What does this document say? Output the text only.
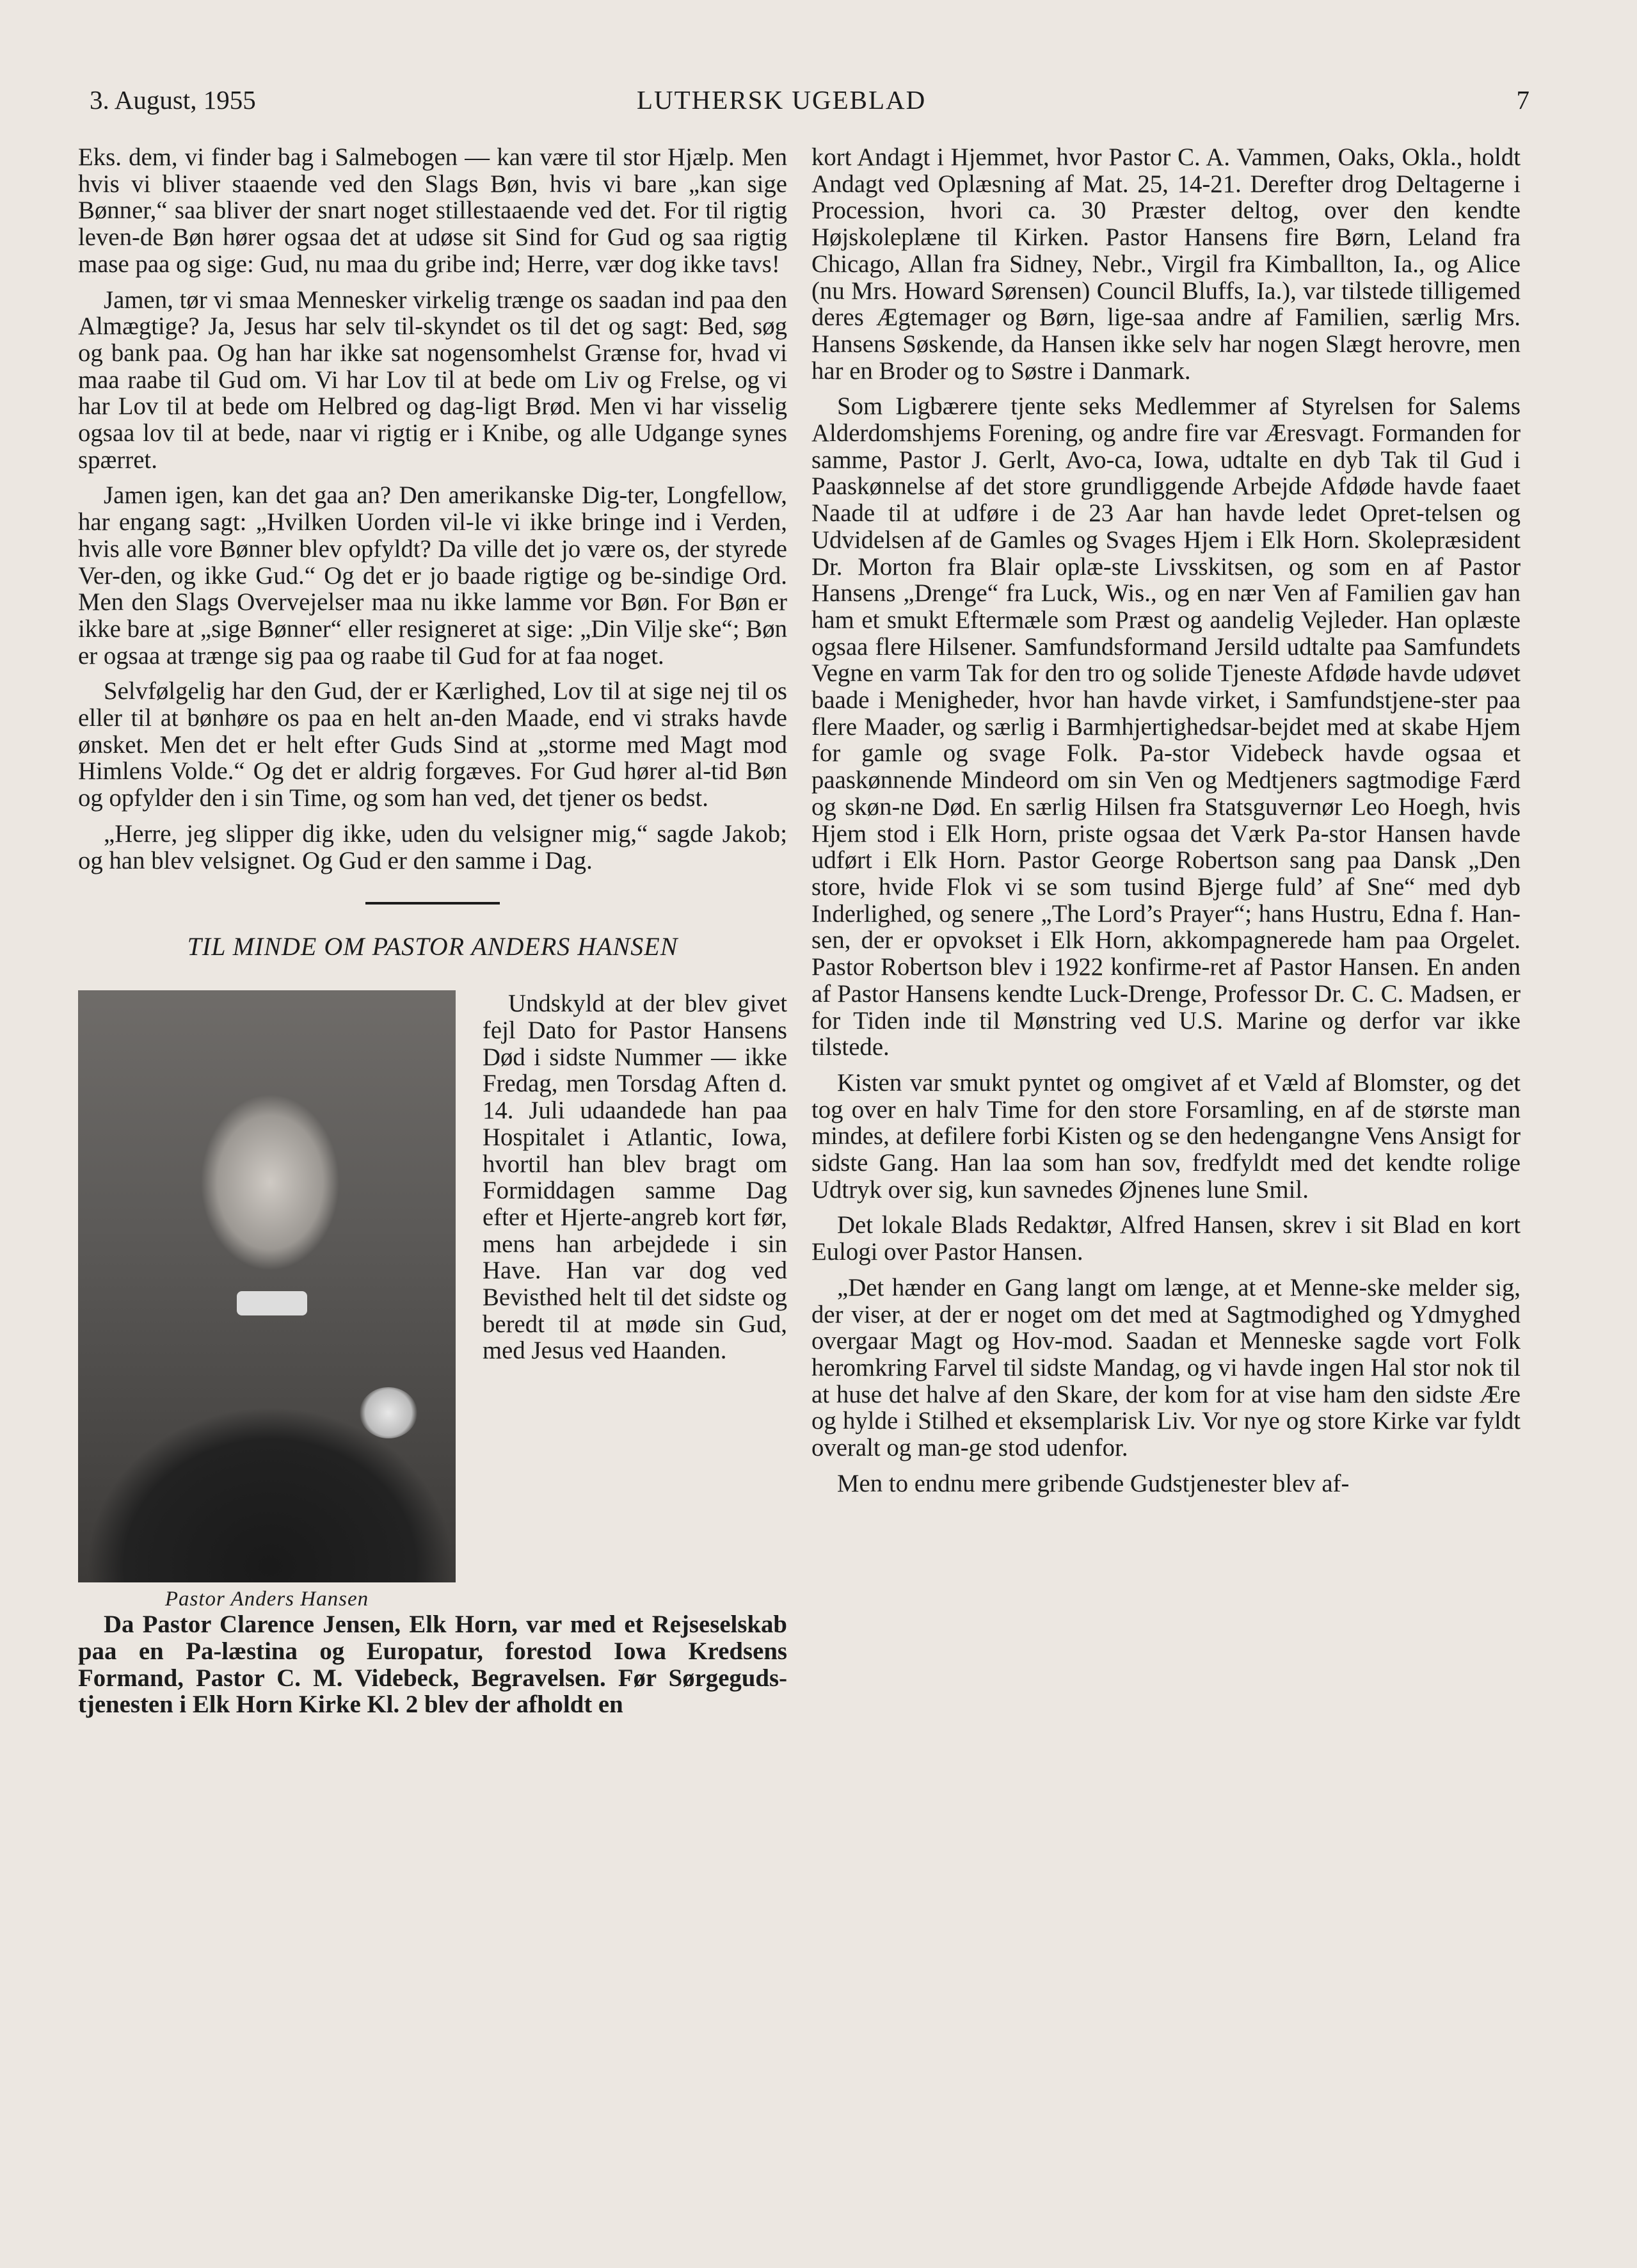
3. August, 1955	LUTHERSK UGEBLAD	7

Eks. dem, vi finder bag i Salmebogen — kan være til stor Hjælp. Men hvis vi bliver staaende ved den Slags Bøn, hvis vi bare „kan sige Bønner,“ saa bliver der snart noget stillestaaende ved det. For til rigtig leven-de Bøn hører ogsaa det at udøse sit Sind for Gud og saa rigtig mase paa og sige: Gud, nu maa du gribe ind; Herre, vær dog ikke tavs!

Jamen, tør vi smaa Mennesker virkelig trænge os saadan ind paa den Almægtige? Ja, Jesus har selv til-skyndet os til det og sagt: Bed, søg og bank paa. Og han har ikke sat nogensomhelst Grænse for, hvad vi maa raabe til Gud om. Vi har Lov til at bede om Liv og Frelse, og vi har Lov til at bede om Helbred og dag-ligt Brød. Men vi har visselig ogsaa lov til at bede, naar vi rigtig er i Knibe, og alle Udgange synes spærret.

Jamen igen, kan det gaa an? Den amerikanske Dig-ter, Longfellow, har engang sagt: „Hvilken Uorden vil-le vi ikke bringe ind i Verden, hvis alle vore Bønner blev opfyldt? Da ville det jo være os, der styrede Ver-den, og ikke Gud.“ Og det er jo baade rigtige og be-sindige Ord. Men den Slags Overvejelser maa nu ikke lamme vor Bøn. For Bøn er ikke bare at „sige Bønner“ eller resigneret at sige: „Din Vilje ske“; Bøn er ogsaa at trænge sig paa og raabe til Gud for at faa noget.

Selvfølgelig har den Gud, der er Kærlighed, Lov til at sige nej til os eller til at bønhøre os paa en helt an-den Maade, end vi straks havde ønsket. Men det er helt efter Guds Sind at „storme med Magt mod Himlens Volde.“ Og det er aldrig forgæves. For Gud hører al-tid Bøn og opfylder den i sin Time, og som han ved, det tjener os bedst.

„Herre, jeg slipper dig ikke, uden du velsigner mig,“ sagde Jakob; og han blev velsignet. Og Gud er den samme i Dag.

TIL MINDE OM PASTOR ANDERS HANSEN
Pastor Anders Hansen

Undskyld at der blev givet fejl Dato for Pastor Hansens Død i sidste Nummer — ikke Fredag, men Torsdag Aften d. 14. Juli udaandede han paa Hospitalet i Atlantic, Iowa, hvortil han blev bragt om Formiddagen samme Dag efter et Hjerte-angreb kort før, mens han arbejdede i sin Have. Han var dog ved Bevisthed helt til det sidste og beredt til at møde sin Gud, med Jesus ved Haanden.

Da Pastor Clarence Jensen, Elk Horn, var med et Rejseselskab paa en Pa-læstina og Europatur, forestod Iowa Kredsens Formand, Pastor C. M. Videbeck, Begravelsen. Før Sørgeguds-tjenesten i Elk Horn Kirke Kl. 2 blev der afholdt en

kort Andagt i Hjemmet, hvor Pastor C. A. Vammen, Oaks, Okla., holdt Andagt ved Oplæsning af Mat. 25, 14-21. Derefter drog Deltagerne i Procession, hvori ca. 30 Præster deltog, over den kendte Højskoleplæne til Kirken. Pastor Hansens fire Børn, Leland fra Chicago, Allan fra Sidney, Nebr., Virgil fra Kimballton, Ia., og Alice (nu Mrs. Howard Sørensen) Council Bluffs, Ia.), var tilstede tilligemed deres Ægtemager og Børn, lige-saa andre af Familien, særlig Mrs. Hansens Søskende, da Hansen ikke selv har nogen Slægt herovre, men har en Broder og to Søstre i Danmark.

Som Ligbærere tjente seks Medlemmer af Styrelsen for Salems Alderdomshjems Forening, og andre fire var Æresvagt. Formanden for samme, Pastor J. Gerlt, Avo-ca, Iowa, udtalte en dyb Tak til Gud i Paaskønnelse af det store grundliggende Arbejde Afdøde havde faaet Naade til at udføre i de 23 Aar han havde ledet Opret-telsen og Udvidelsen af de Gamles og Svages Hjem i Elk Horn. Skolepræsident Dr. Morton fra Blair oplæ-ste Livsskitsen, og som en af Pastor Hansens „Drenge“ fra Luck, Wis., og en nær Ven af Familien gav han ham et smukt Eftermæle som Præst og aandelig Vejleder. Han oplæste ogsaa flere Hilsener. Samfundsformand Jersild udtalte paa Samfundets Vegne en varm Tak for den tro og solide Tjeneste Afdøde havde udøvet baade i Menigheder, hvor han havde virket, i Samfundstjene-ster paa flere Maader, og særlig i Barmhjertighedsar-bejdet med at skabe Hjem for gamle og svage Folk. Pa-stor Videbeck havde ogsaa et paaskønnende Mindeord om sin Ven og Medtjeners sagtmodige Færd og skøn-ne Død. En særlig Hilsen fra Statsguvernør Leo Hoegh, hvis Hjem stod i Elk Horn, priste ogsaa det Værk Pa-stor Hansen havde udført i Elk Horn. Pastor George Robertson sang paa Dansk „Den store, hvide Flok vi se som tusind Bjerge fuld’ af Sne“ med dyb Inderlighed, og senere „The Lord’s Prayer“; hans Hustru, Edna f. Han-sen, der er opvokset i Elk Horn, akkompagnerede ham paa Orgelet. Pastor Robertson blev i 1922 konfirme-ret af Pastor Hansen. En anden af Pastor Hansens kendte Luck-Drenge, Professor Dr. C. C. Madsen, er for Tiden inde til Mønstring ved U.S. Marine og derfor var ikke tilstede.

Kisten var smukt pyntet og omgivet af et Væld af Blomster, og det tog over en halv Time for den store Forsamling, en af de største man mindes, at defilere forbi Kisten og se den hedengangne Vens Ansigt for sidste Gang. Han laa som han sov, fredfyldt med det kendte rolige Udtryk over sig, kun savnedes Øjnenes lune Smil.

Det lokale Blads Redaktør, Alfred Hansen, skrev i sit Blad en kort Eulogi over Pastor Hansen.

„Det hænder en Gang langt om længe, at et Menne-ske melder sig, der viser, at der er noget om det med at Sagtmodighed og Ydmyghed overgaar Magt og Hov-mod. Saadan et Menneske sagde vort Folk heromkring Farvel til sidste Mandag, og vi havde ingen Hal stor nok til at huse det halve af den Skare, der kom for at vise ham den sidste Ære og hylde i Stilhed et eksemplarisk Liv. Vor nye og store Kirke var fyldt overalt og man-ge stod udenfor.

Men to endnu mere gribende Gudstjenester blev af-
